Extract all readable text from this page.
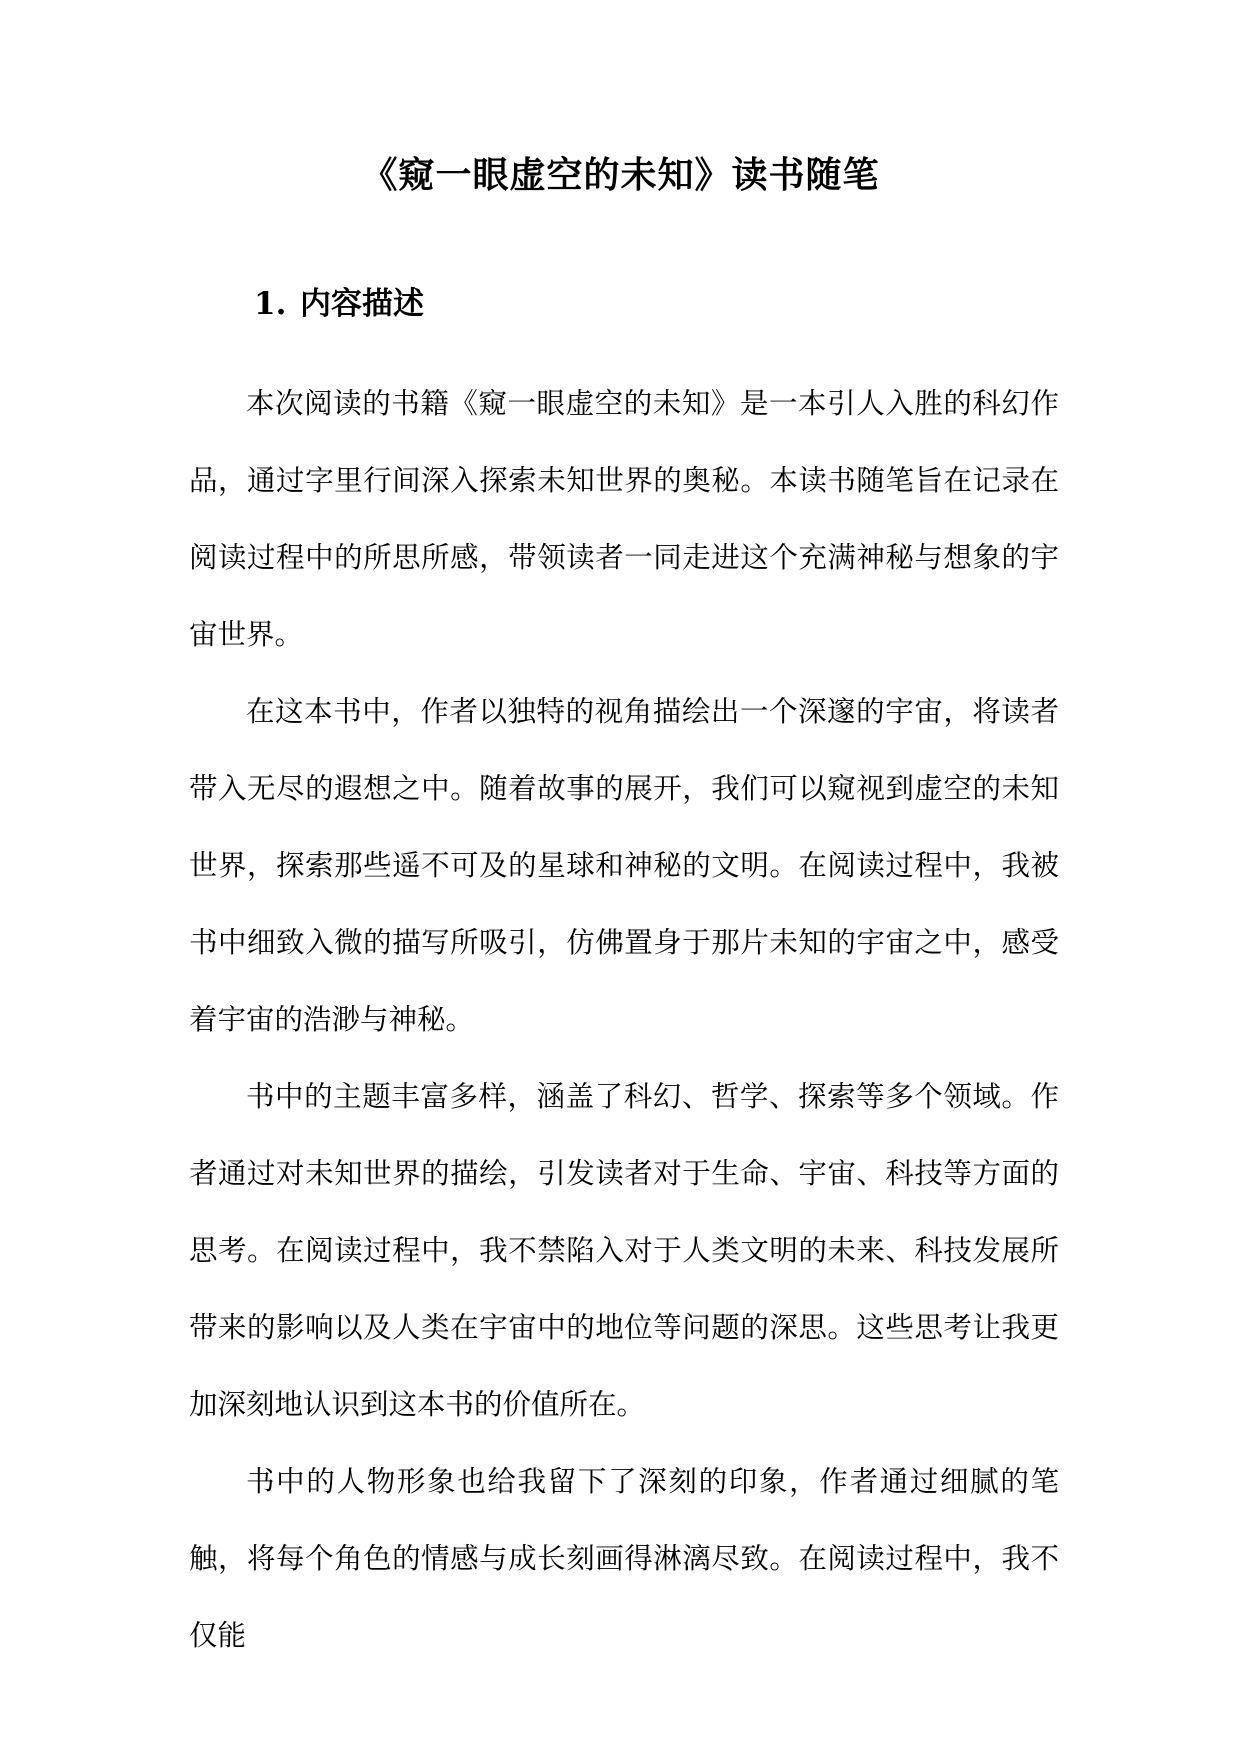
《窥一眼虚空的未知》读书随笔
1. 内容描述

本次阅读的书籍《窥一眼虚空的未知》是一本引人入胜的科幻作品，通过字里行间深入探索未知世界的奥秘。本读书随笔旨在记录在阅读过程中的所思所感，带领读者一同走进这个充满神秘与想象的宇宙世界。

在这本书中，作者以独特的视角描绘出一个深邃的宇宙，将读者带入无尽的遐想之中。随着故事的展开，我们可以窥视到虚空的未知世界，探索那些遥不可及的星球和神秘的文明。在阅读过程中，我被书中细致入微的描写所吸引，仿佛置身于那片未知的宇宙之中，感受着宇宙的浩渺与神秘。

书中的主题丰富多样，涵盖了科幻、哲学、探索等多个领域。作者通过对未知世界的描绘，引发读者对于生命、宇宙、科技等方面的思考。在阅读过程中，我不禁陷入对于人类文明的未来、科技发展所带来的影响以及人类在宇宙中的地位等问题的深思。这些思考让我更加深刻地认识到这本书的价值所在。

书中的人物形象也给我留下了深刻的印象，作者通过细腻的笔触，将每个角色的情感与成长刻画得淋漓尽致。在阅读过程中，我不仅能
